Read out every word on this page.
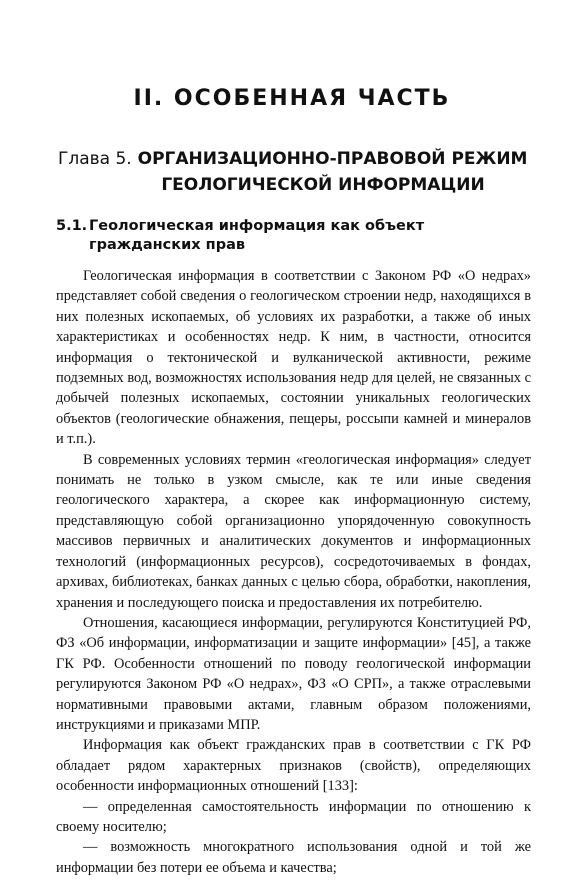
II. ОСОБЕННАЯ ЧАСТЬ
Глава 5. ОРГАНИЗАЦИОННО-ПРАВОВОЙ РЕЖИМ
ГЕОЛОГИЧЕСКОЙ ИНФОРМАЦИИ
5.1. Геологическая информация как объект
гражданских прав

Геологическая информация в соответствии с Законом РФ «О недрах» представляет собой сведения о геологическом строении недр, находящихся в них полезных ископаемых, об условиях их разработки, а также об иных характеристиках и особенностях недр. К ним, в частности, относится информация о тектонической и вулканической активности, режиме подземных вод, возможностях использования недр для целей, не связанных с добычей полезных ископаемых, состоянии уникальных геологических объектов (геологические обнажения, пещеры, россыпи камней и минералов и т.п.).

В современных условиях термин «геологическая информация» следует понимать не только в узком смысле, как те или иные сведения геологического характера, а скорее как информационную систему, представляющую собой организационно упорядоченную совокупность массивов первичных и аналитических документов и информационных технологий (информационных ресурсов), сосредоточиваемых в фондах, архивах, библиотеках, банках данных с целью сбора, обработки, накопления, хранения и последующего поиска и предоставления их потребителю.

Отношения, касающиеся информации, регулируются Конституцией РФ, ФЗ «Об информации, информатизации и защите информации» [45], а также ГК РФ. Особенности отношений по поводу геологической информации регулируются Законом РФ «О недрах», ФЗ «О СРП», а также отраслевыми нормативными правовыми актами, главным образом положениями, инструкциями и приказами МПР.

Информация как объект гражданских прав в соответствии с ГК РФ обладает рядом характерных признаков (свойств), определяющих особенности информационных отношений [133]:

— определенная самостоятельность информации по отношению к своему носителю;

— возможность многократного использования одной и той же информации без потери ее объема и качества;
